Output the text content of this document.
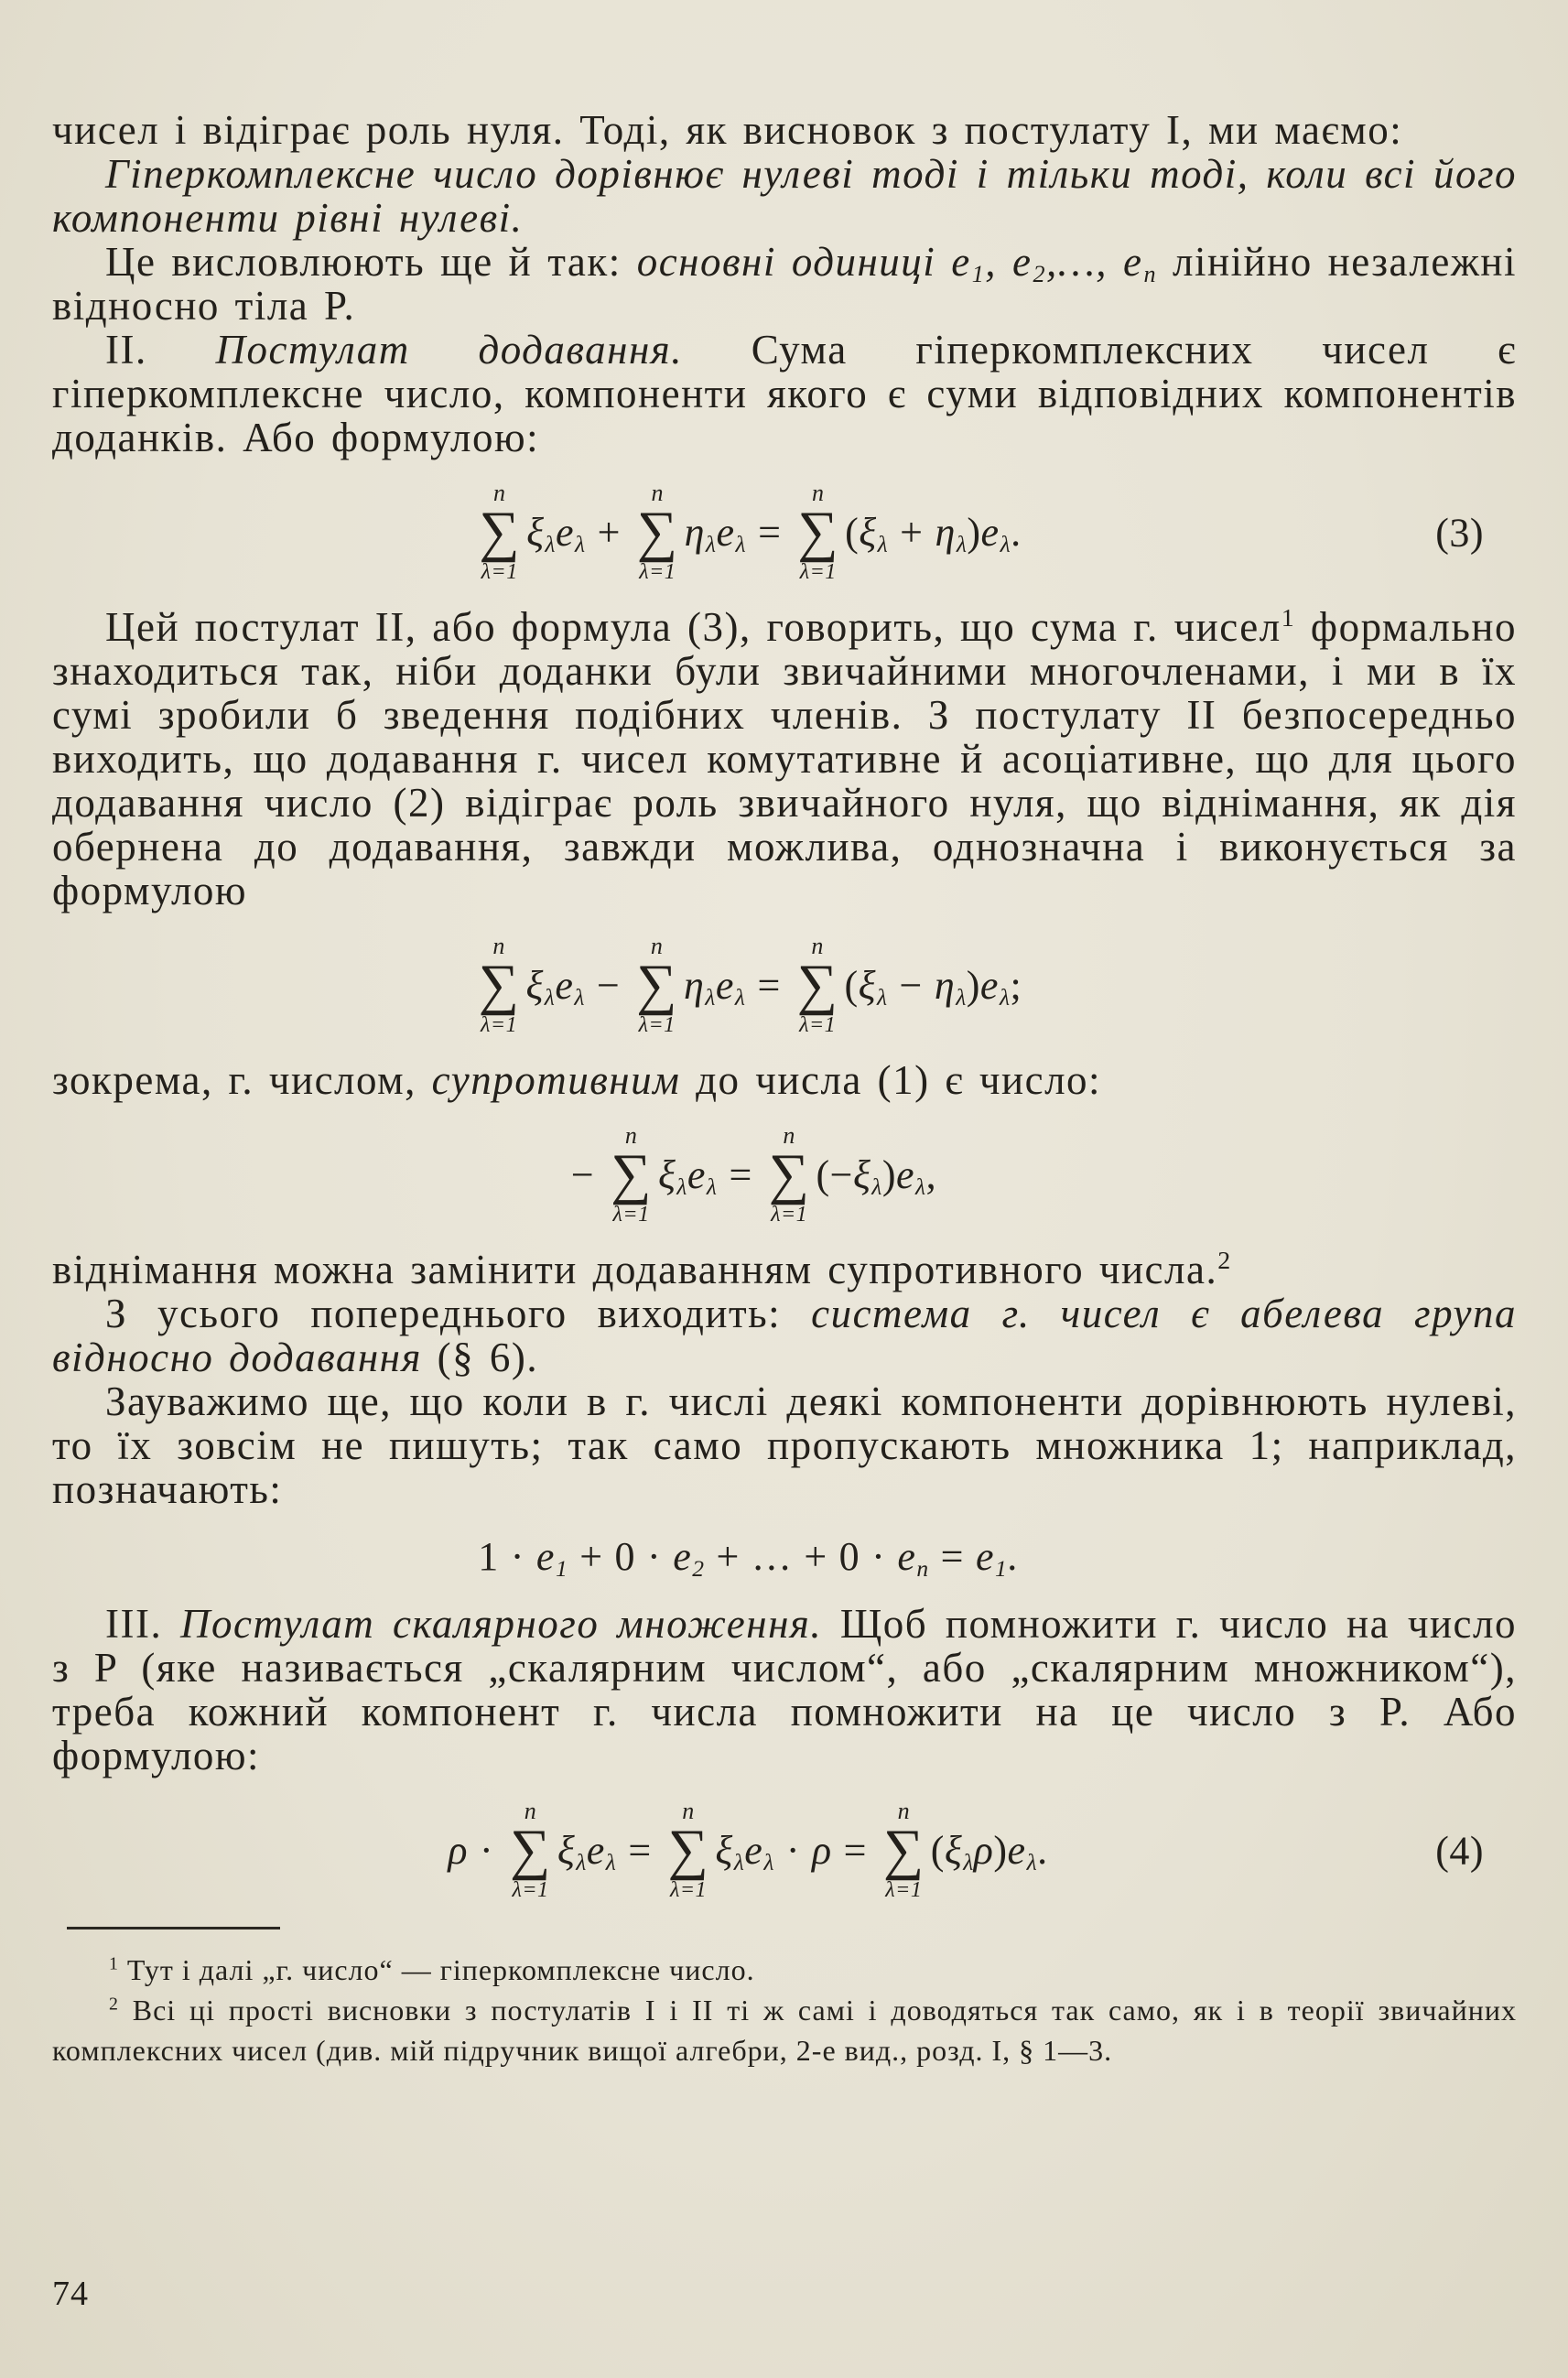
чисел і відіграє роль нуля. Тоді, як висновок з постулату I, ми маємо:

Гіперкомплексне число дорівнює нулеві тоді і тільки тоді, коли всі його компоненти рівні нулеві.

Це висловлюють ще й так: основні одиниці $e_1$, $e_2,\dots$, $e_n$ лінійно незалежні відносно тіла P.

II. Постулат додавання. Сума гіперкомплексних чисел є гіперкомплексне число, компоненти якого є суми відповідних компонентів доданків. Або формулою:

n
∑
λ=1
$\xi_\lambda$ $e_\lambda$ +
n
∑
λ=1
$\eta_\lambda$ $e_\lambda$ =
n
∑
λ=1
( $\xi_\lambda + \eta_\lambda$ ) $e_\lambda$ .	(3)

Цей постулат II, або формула (3), говорить, що сума г. чисел$^1$ формально знаходиться так, ніби доданки були звичайними многочленами, і ми в їх сумі зробили б зведення подібних членів. З постулату II безпосередньо виходить, що додавання г. чисел комутативне й асоціативне, що для цього додавання число (2) відіграє роль звичайного нуля, що віднімання, як дія обернена до додавання, завжди можлива, однозначна і виконується за формулою

n
∑
λ=1
$\xi_\lambda$ $e_\lambda$ −
n
∑
λ=1
$\eta_\lambda$ $e_\lambda$ =
n
∑
λ=1
( $\xi_\lambda - \eta_\lambda$ ) $e_\lambda$ ;

зокрема, г. числом, супротивним до числа (1) є число:

−
n
∑
λ=1
$\xi_\lambda$ $e_\lambda$ =
n
∑
λ=1
(− $\xi_\lambda$ ) $e_\lambda$ ,

віднімання можна замінити додаванням супротивного числа.$^2$

З усього попереднього виходить: система г. чисел є абелева група відносно додавання (§ 6).

Зауважимо ще, що коли в г. числі деякі компоненти дорівнюють нулеві, то їх зовсім не пишуть; так само пропускають множника 1; наприклад, позначають:

$1 \cdot e_1 + 0 \cdot e_2$ + … + $0 \cdot e_n = e_1$ .

III. Постулат скалярного множення. Щоб помножити г. число на число з P (яке називається „скалярним числом“, або „скалярним множником“), треба кожний компонент г. числа помножити на це число з P. Або формулою:

ρ ·
n
∑
λ=1
$\xi_\lambda$ $e_\lambda$ =
n
∑
λ=1
$\xi_\lambda$ $e_\lambda \cdot \rho$ =
n
∑
λ=1
( $\xi_\lambda$ ρ ) $e_\lambda$ .	(4)

$^1$ Тут і далі „г. число“ — гіперкомплексне число.

$^2$ Всі ці прості висновки з постулатів I і II ті ж самі і доводяться так само, як і в теорії звичайних комплексних чисел (див. мій підручник вищої алгебри, 2-е вид., розд. I, § 1—3.

74
